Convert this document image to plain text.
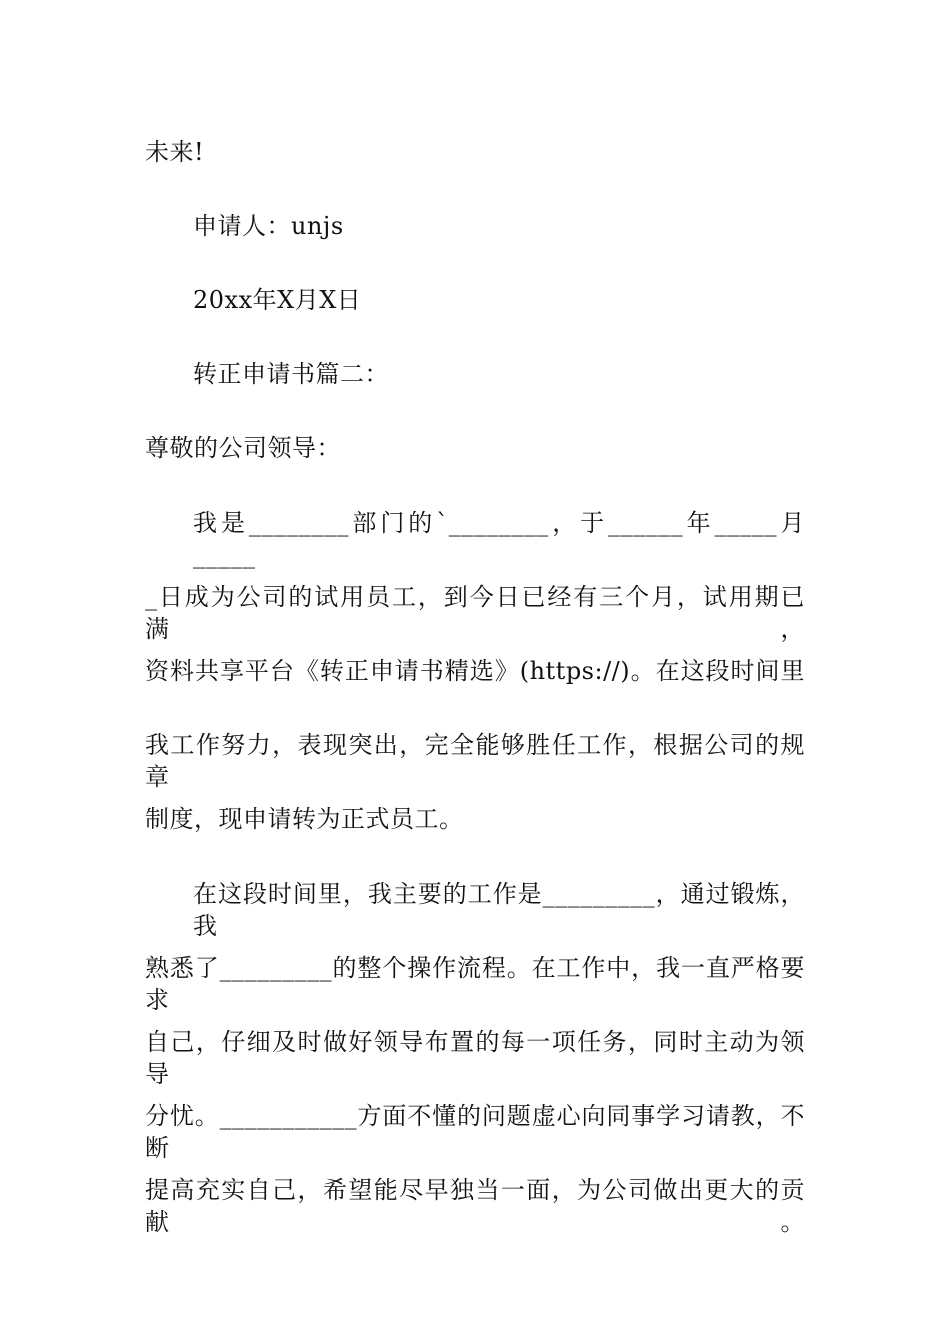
未来!
申请人：unjs
20xx年X月X日
转正申请书篇二：
尊敬的公司领导：
我是________部门的`________，于______年_____月_____
_日成为公司的试用员工，到今日已经有三个月，试用期已满，
资料共享平台《转正申请书精选》(https://)。在这段时间里
我工作努力，表现突出，完全能够胜任工作，根据公司的规章
制度，现申请转为正式员工。
在这段时间里，我主要的工作是_________，通过锻炼，我
熟悉了_________的整个操作流程。在工作中，我一直严格要求
自己，仔细及时做好领导布置的每一项任务，同时主动为领导
分忧。___________方面不懂的问题虚心向同事学习请教，不断
提高充实自己，希望能尽早独当一面，为公司做出更大的贡献。
